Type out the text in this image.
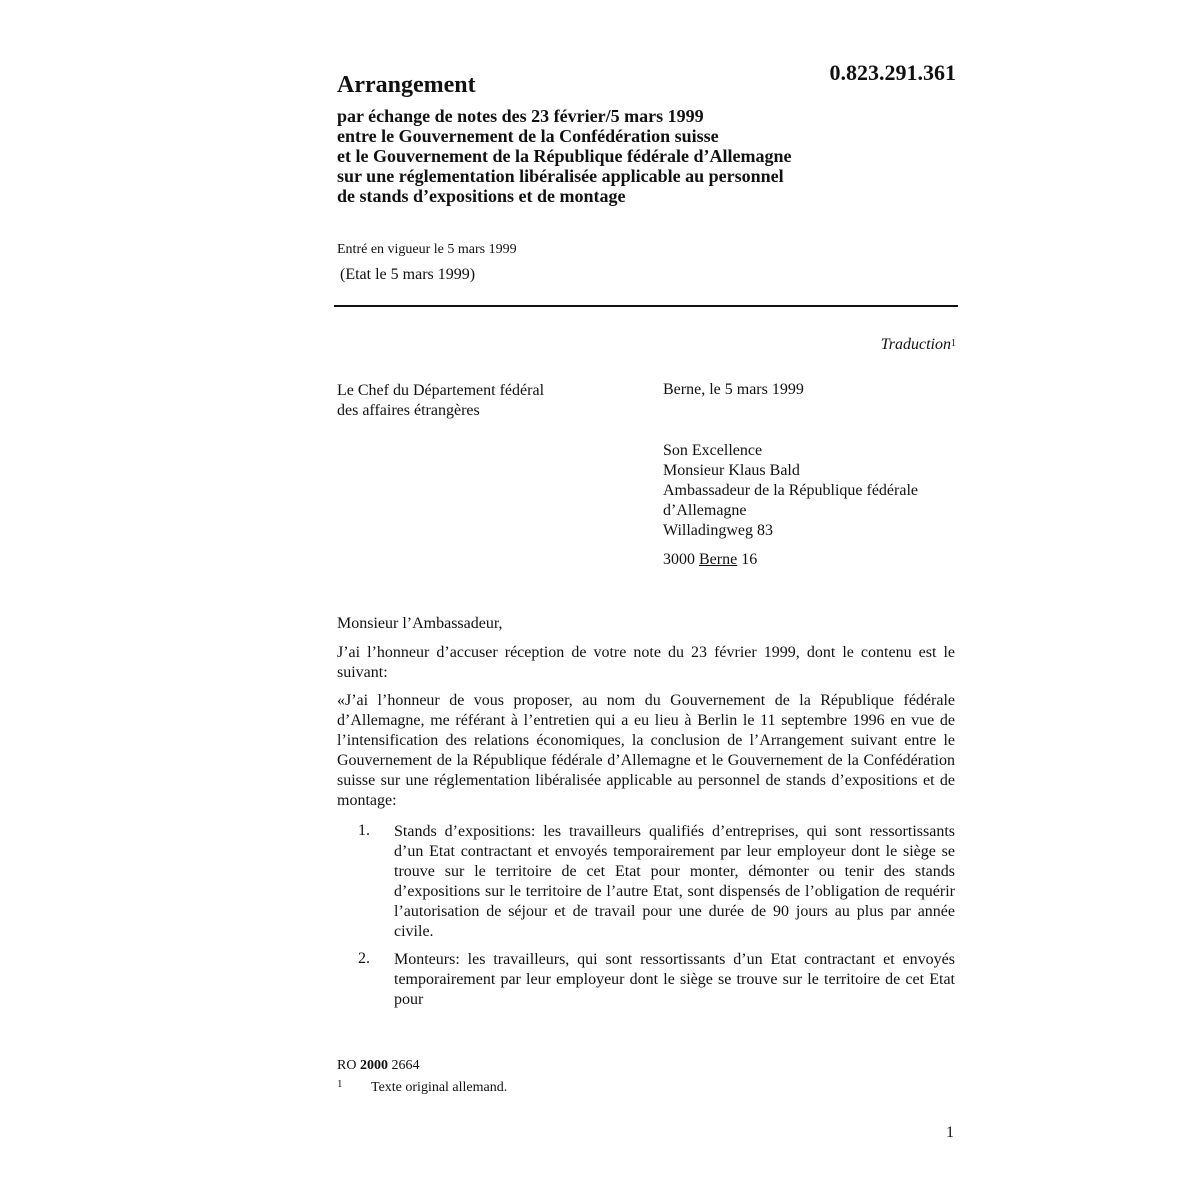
0.823.291.361
Arrangement
par échange de notes des 23 février/5 mars 1999
entre le Gouvernement de la Confédération suisse
et le Gouvernement de la République fédérale d’Allemagne
sur une réglementation libéralisée applicable au personnel
de stands d’expositions et de montage
Entré en vigueur le 5 mars 1999
(Etat le 5 mars 1999)
Traduction$^1$
Le Chef du Département fédéral
des affaires étrangères
Berne, le 5 mars 1999
Son Excellence
Monsieur Klaus Bald
Ambassadeur de la République fédérale
d’Allemagne
Willadingweg 83
3000 Berne 16
Monsieur l’Ambassadeur,
J’ai l’honneur d’accuser réception de votre note du 23 février 1999, dont le contenu est le suivant:
«J’ai l’honneur de vous proposer, au nom du Gouvernement de la République fédérale d’Allemagne, me référant à l’entretien qui a eu lieu à Berlin le 11 septembre 1996 en vue de l’intensification des relations économiques, la conclusion de l’Arrangement suivant entre le Gouvernement de la République fédérale d’Allemagne et le Gouvernement de la Confédération suisse sur une réglementation libéralisée applicable au personnel de stands d’expositions et de montage:
1. Stands d’expositions: les travailleurs qualifiés d’entreprises, qui sont ressortissants d’un Etat contractant et envoyés temporairement par leur employeur dont le siège se trouve sur le territoire de cet Etat pour monter, démonter ou tenir des stands d’expositions sur le territoire de l’autre Etat, sont dispensés de l’obligation de requérir l’autorisation de séjour et de travail pour une durée de 90 jours au plus par année civile.
2. Monteurs: les travailleurs, qui sont ressortissants d’un Etat contractant et envoyés temporairement par leur employeur dont le siège se trouve sur le territoire de cet Etat pour
RO 2000 2664
1 Texte original allemand.
1
